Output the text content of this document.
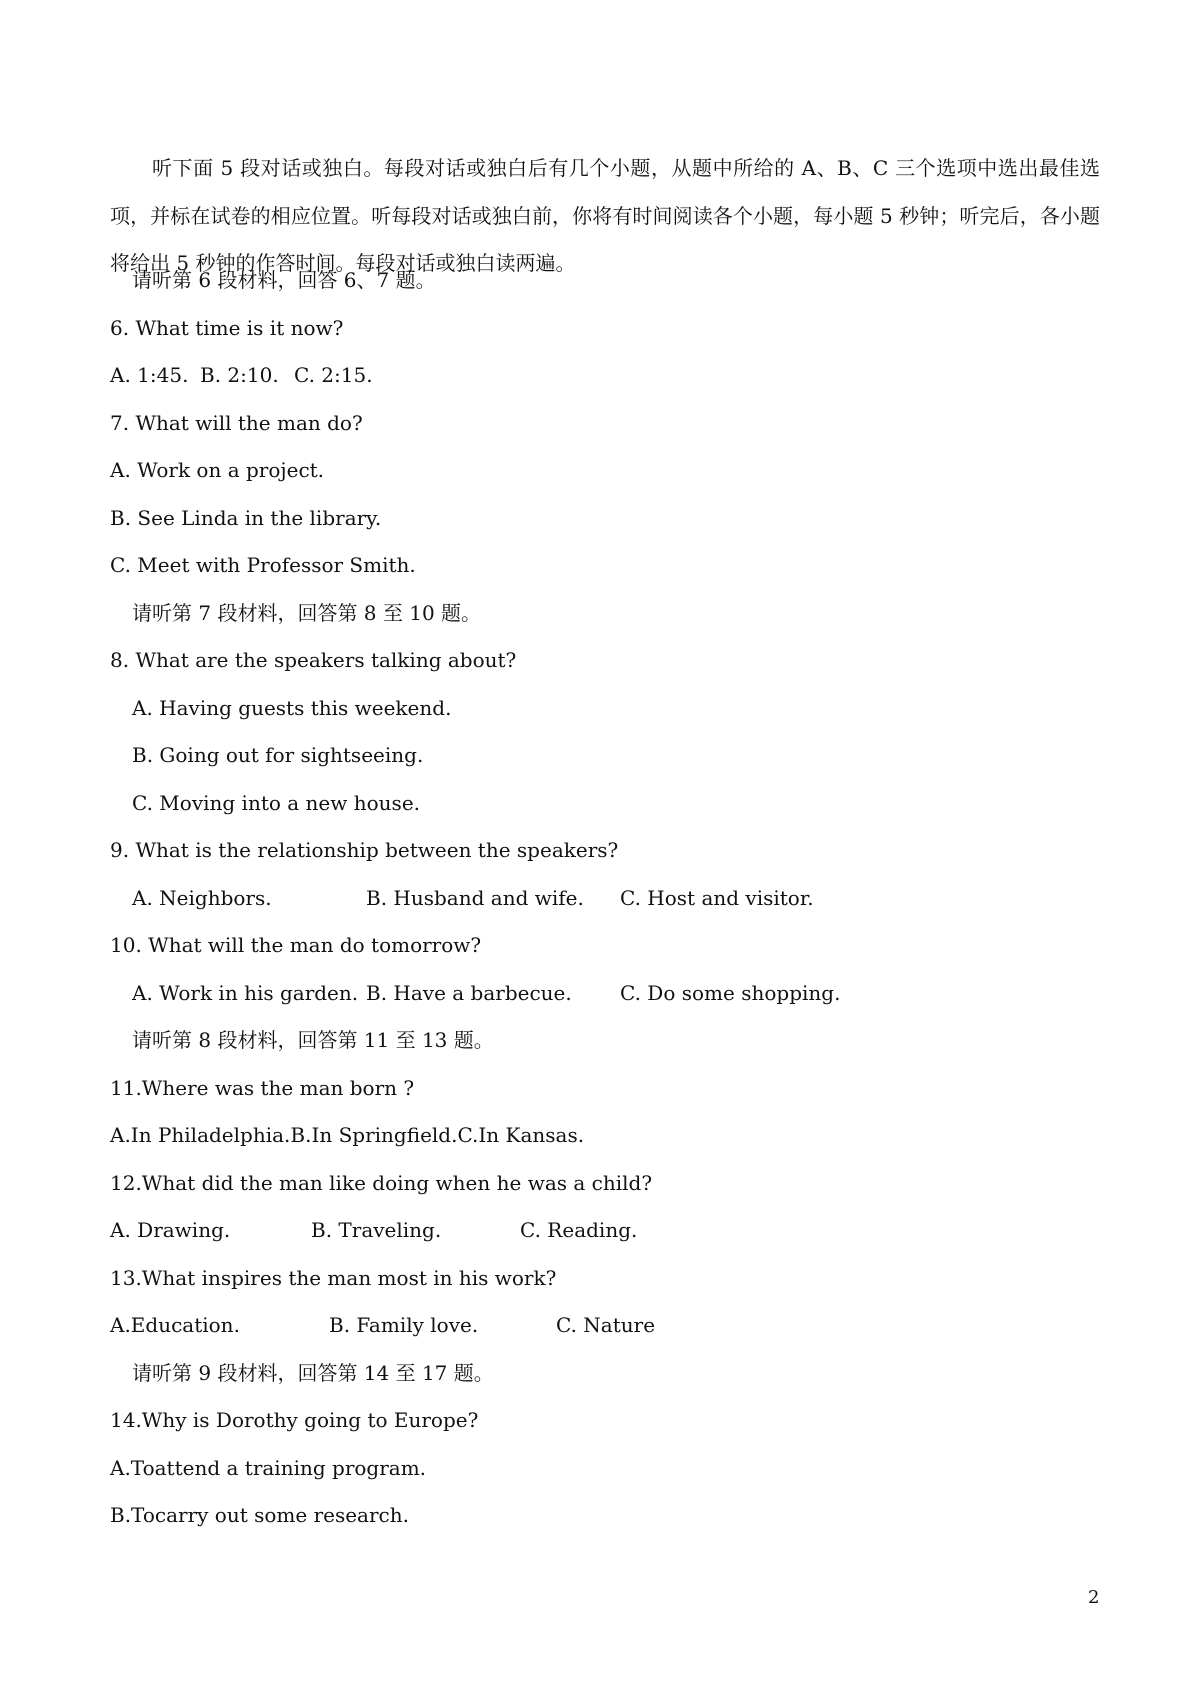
听下面 5 段对话或独白。每段对话或独白后有几个小题，从题中所给的 A、B、C 三个选项中选出最佳选项，并标在试卷的相应位置。听每段对话或独白前，你将有时间阅读各个小题，每小题 5 秒钟；听完后，各小题将给出 5 秒钟的作答时间。每段对话或独白读两遍。
请听第 6 段材料，回答 6、7 题。
6. What time is it now?
A. 1:45. B. 2:10. C. 2:15.
7. What will the man do?
A. Work on a project.
B. See Linda in the library.
C. Meet with Professor Smith.
请听第 7 段材料，回答第 8 至 10 题。
8. What are the speakers talking about?
A. Having guests this weekend.
B. Going out for sightseeing.
C. Moving into a new house.
9. What is the relationship between the speakers?
A. Neighbors.	B. Husband and wife. C. Host and visitor.
10. What will the man do tomorrow?
A. Work in his garden. B. Have a barbecue. C. Do some shopping.
请听第 8 段材料，回答第 11 至 13 题。
11.Where was the man born ?
A.In Philadelphia.B.In Springfield.C.In Kansas.
12.What did the man like doing when he was a child?
A. Drawing.	B. Traveling.	C. Reading.
13.What inspires the man most in his work?
A.Education.	B. Family love.	C. Nature
请听第 9 段材料，回答第 14 至 17 题。
14.Why is Dorothy going to Europe?
A.Toattend a training program.
B.Tocarry out some research.
2
